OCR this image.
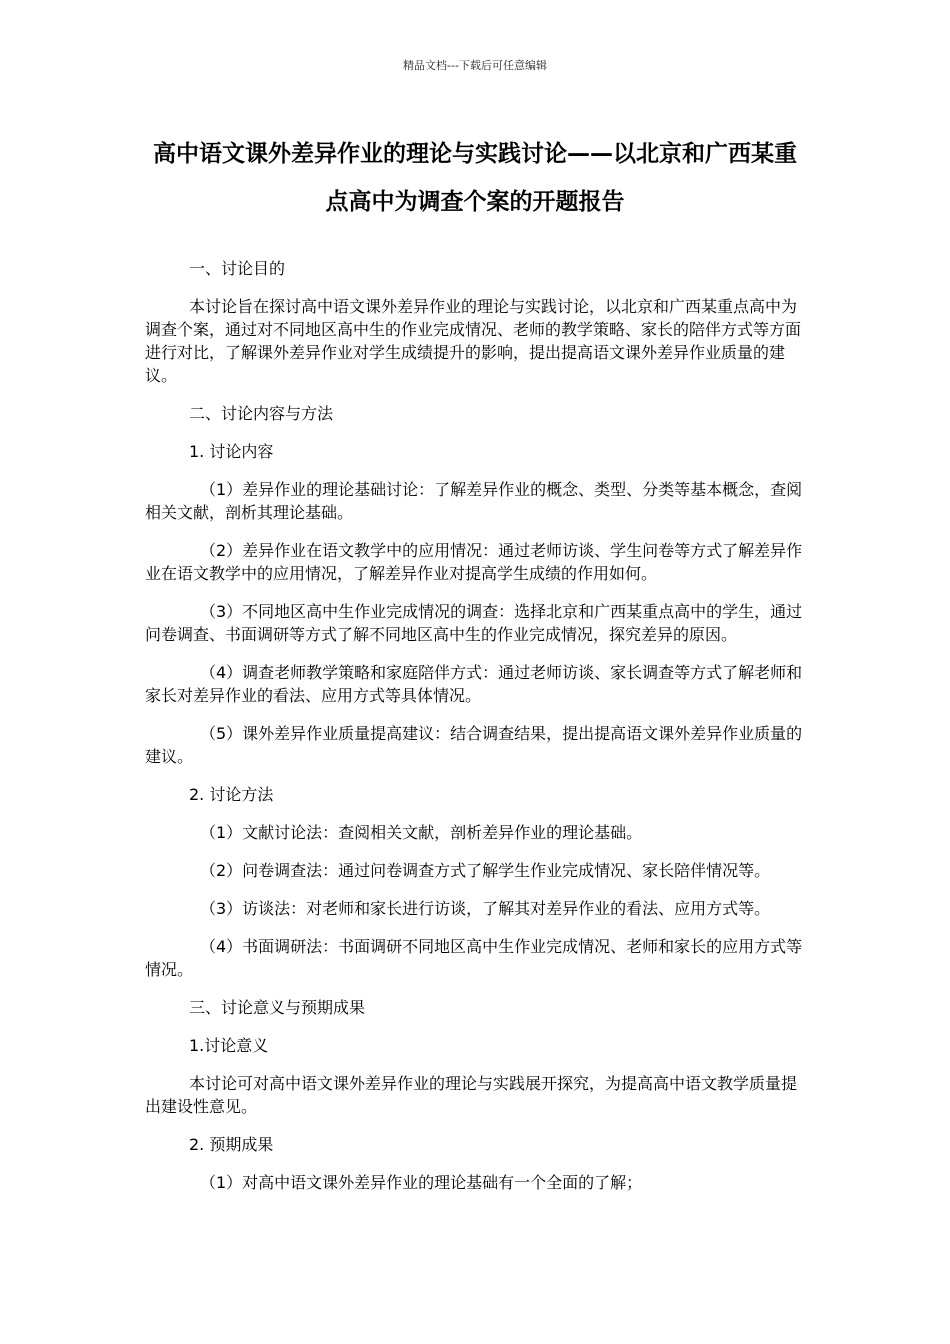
精品文档---下载后可任意编辑
高中语文课外差异作业的理论与实践讨论——以北京和广西某重点高中为调查个案的开题报告

一、讨论目的

本讨论旨在探讨高中语文课外差异作业的理论与实践讨论，以北京和广西某重点高中为调查个案，通过对不同地区高中生的作业完成情况、老师的教学策略、家长的陪伴方式等方面进行对比，了解课外差异作业对学生成绩提升的影响，提出提高语文课外差异作业质量的建议。

二、讨论内容与方法

1. 讨论内容

（1）差异作业的理论基础讨论：了解差异作业的概念、类型、分类等基本概念，查阅相关文献，剖析其理论基础。

（2）差异作业在语文教学中的应用情况：通过老师访谈、学生问卷等方式了解差异作业在语文教学中的应用情况，了解差异作业对提高学生成绩的作用如何。

（3）不同地区高中生作业完成情况的调查：选择北京和广西某重点高中的学生，通过问卷调查、书面调研等方式了解不同地区高中生的作业完成情况，探究差异的原因。

（4）调查老师教学策略和家庭陪伴方式：通过老师访谈、家长调查等方式了解老师和家长对差异作业的看法、应用方式等具体情况。

（5）课外差异作业质量提高建议：结合调查结果，提出提高语文课外差异作业质量的建议。

2. 讨论方法

（1）文献讨论法：查阅相关文献，剖析差异作业的理论基础。

（2）问卷调查法：通过问卷调查方式了解学生作业完成情况、家长陪伴情况等。

（3）访谈法：对老师和家长进行访谈，了解其对差异作业的看法、应用方式等。

（4）书面调研法：书面调研不同地区高中生作业完成情况、老师和家长的应用方式等情况。

三、讨论意义与预期成果

1.讨论意义

本讨论可对高中语文课外差异作业的理论与实践展开探究，为提高高中语文教学质量提出建设性意见。

2. 预期成果

（1）对高中语文课外差异作业的理论基础有一个全面的了解；
